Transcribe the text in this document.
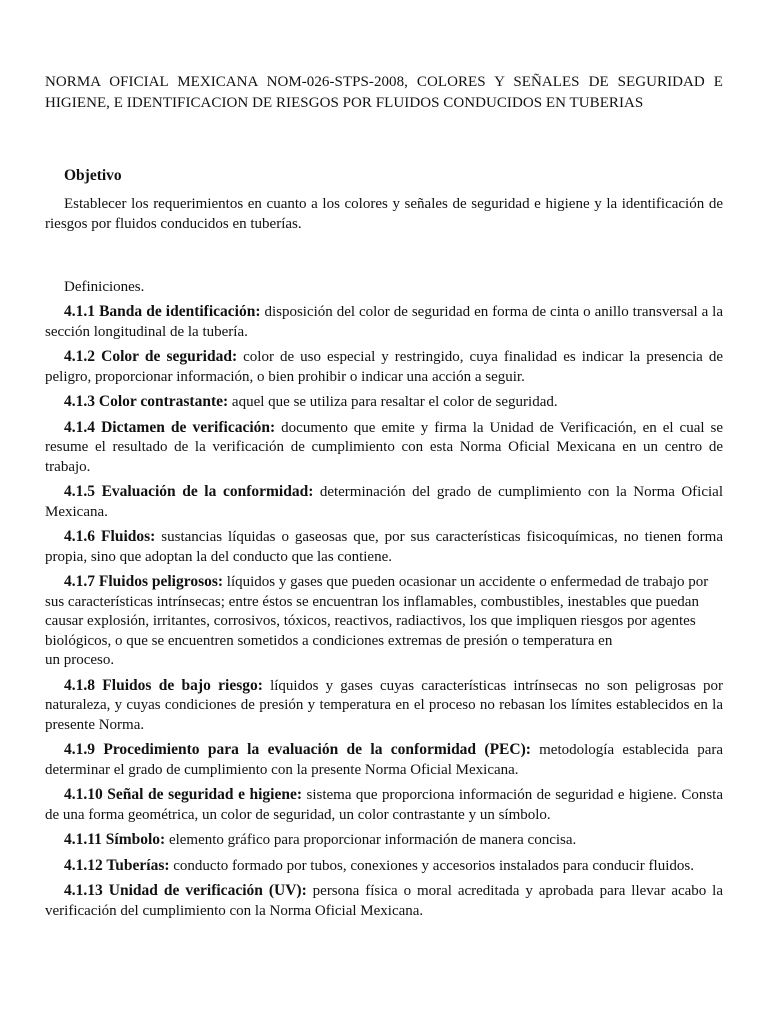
NORMA OFICIAL MEXICANA NOM-026-STPS-2008, COLORES Y SEÑALES DE SEGURIDAD E HIGIENE, E IDENTIFICACION DE RIESGOS POR FLUIDOS CONDUCIDOS EN TUBERIAS

Objetivo

Establecer los requerimientos en cuanto a los colores y señales de seguridad e higiene y la identificación de riesgos por fluidos conducidos en tuberías.

Definiciones.

4.1.1 Banda de identificación: disposición del color de seguridad en forma de cinta o anillo transversal a la sección longitudinal de la tubería.

4.1.2 Color de seguridad: color de uso especial y restringido, cuya finalidad es indicar la presencia de peligro, proporcionar información, o bien prohibir o indicar una acción a seguir.

4.1.3 Color contrastante: aquel que se utiliza para resaltar el color de seguridad.

4.1.4 Dictamen de verificación: documento que emite y firma la Unidad de Verificación, en el cual se resume el resultado de la verificación de cumplimiento con esta Norma Oficial Mexicana en un centro de trabajo.

4.1.5 Evaluación de la conformidad: determinación del grado de cumplimiento con la Norma Oficial Mexicana.

4.1.6 Fluidos: sustancias líquidas o gaseosas que, por sus características fisicoquímicas, no tienen forma propia, sino que adoptan la del conducto que las contiene.

4.1.7 Fluidos peligrosos: líquidos y gases que pueden ocasionar un accidente o enfermedad de trabajo por sus características intrínsecas; entre éstos se encuentran los inflamables, combustibles, inestables que puedan causar explosión, irritantes, corrosivos, tóxicos, reactivos, radiactivos, los que impliquen riesgos por agentes biológicos, o que se encuentren sometidos a condiciones extremas de presión o temperatura en
un proceso.

4.1.8 Fluidos de bajo riesgo: líquidos y gases cuyas características intrínsecas no son peligrosas por naturaleza, y cuyas condiciones de presión y temperatura en el proceso no rebasan los límites establecidos en la presente Norma.

4.1.9 Procedimiento para la evaluación de la conformidad (PEC): metodología establecida para determinar el grado de cumplimiento con la presente Norma Oficial Mexicana.

4.1.10 Señal de seguridad e higiene: sistema que proporciona información de seguridad e higiene. Consta de una forma geométrica, un color de seguridad, un color contrastante y un símbolo.

4.1.11 Símbolo: elemento gráfico para proporcionar información de manera concisa.

4.1.12 Tuberías: conducto formado por tubos, conexiones y accesorios instalados para conducir fluidos.

4.1.13 Unidad de verificación (UV): persona física o moral acreditada y aprobada para llevar acabo la verificación del cumplimiento con la Norma Oficial Mexicana.
